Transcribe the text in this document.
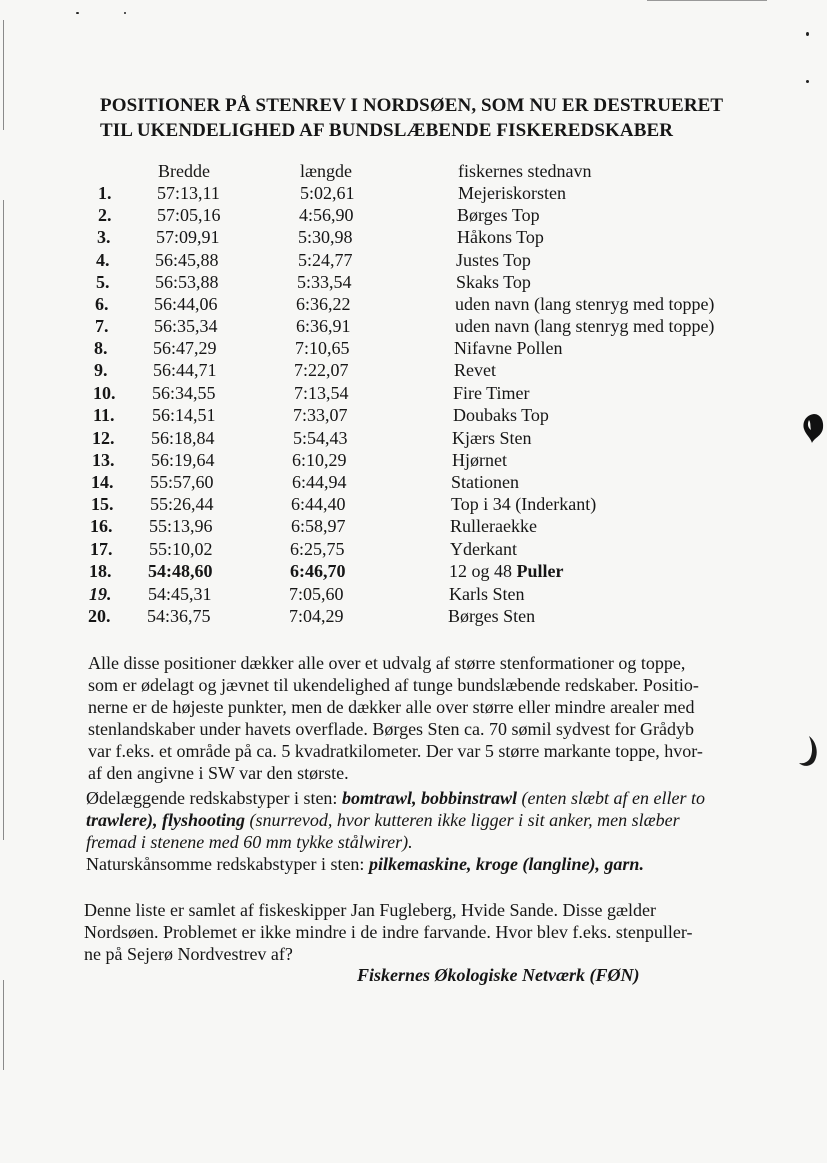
POSITIONER PÅ STENREV I NORDSØEN, SOM NU ER DESTRUERET
TIL UKENDELIGHED AF BUNDSLÆBENDE FISKEREDSKABER
Bredde	længde	fiskernes stednavn
1.	57:13,11	5:02,61	Mejeriskorsten
2.	57:05,16	4:56,90	Børges Top
3.	57:09,91	5:30,98	Håkons Top
4.	56:45,88	5:24,77	Justes Top
5.	56:53,88	5:33,54	Skaks Top
6.	56:44,06	6:36,22	uden navn (lang stenryg med toppe)
7.	56:35,34	6:36,91	uden navn (lang stenryg med toppe)
8.	56:47,29	7:10,65	Nifavne Pollen
9.	56:44,71	7:22,07	Revet
10. 56:34,55	7:13,54	Fire Timer
11. 56:14,51	7:33,07	Doubaks Top
12. 56:18,84	5:54,43	Kjærs Sten
13. 56:19,64	6:10,29	Hjørnet
14. 55:57,60	6:44,94	Stationen
15. 55:26,44	6:44,40	Top i 34 (Inderkant)
16. 55:13,96	6:58,97	Rulleraekke
17. 55:10,02	6:25,75	Yderkant
18. 54:48,60	6:46,70	12 og 48 Puller
19. 54:45,31	7:05,60	Karls Sten
20. 54:36,75	7:04,29	Børges Sten
Alle disse positioner dækker alle over et udvalg af større stenformationer og toppe,
som er ødelagt og jævnet til ukendelighed af tunge bundslæbende redskaber. Positio-
nerne er de højeste punkter, men de dækker alle over større eller mindre arealer med
stenlandskaber under havets overflade. Børges Sten ca. 70 sømil sydvest for Grådyb
var f.eks. et område på ca. 5 kvadratkilometer. Der var 5 større markante toppe, hvor-
af den angivne i SW var den største.
Ødelæggende redskabstyper i sten: bomtrawl, bobbinstrawl (enten slæbt af en eller to
trawlere), flyshooting (snurrevod, hvor kutteren ikke ligger i sit anker, men slæber
fremad i stenene med 60 mm tykke stålwirer).
Naturskånsomme redskabstyper i sten: pilkemaskine, kroge (langline), garn.
Denne liste er samlet af fiskeskipper Jan Fugleberg, Hvide Sande. Disse gælder
Nordsøen. Problemet er ikke mindre i de indre farvande. Hvor blev f.eks. stenpuller-
ne på Sejerø Nordvestrev af?
Fiskernes Økologiske Netværk (FØN)
